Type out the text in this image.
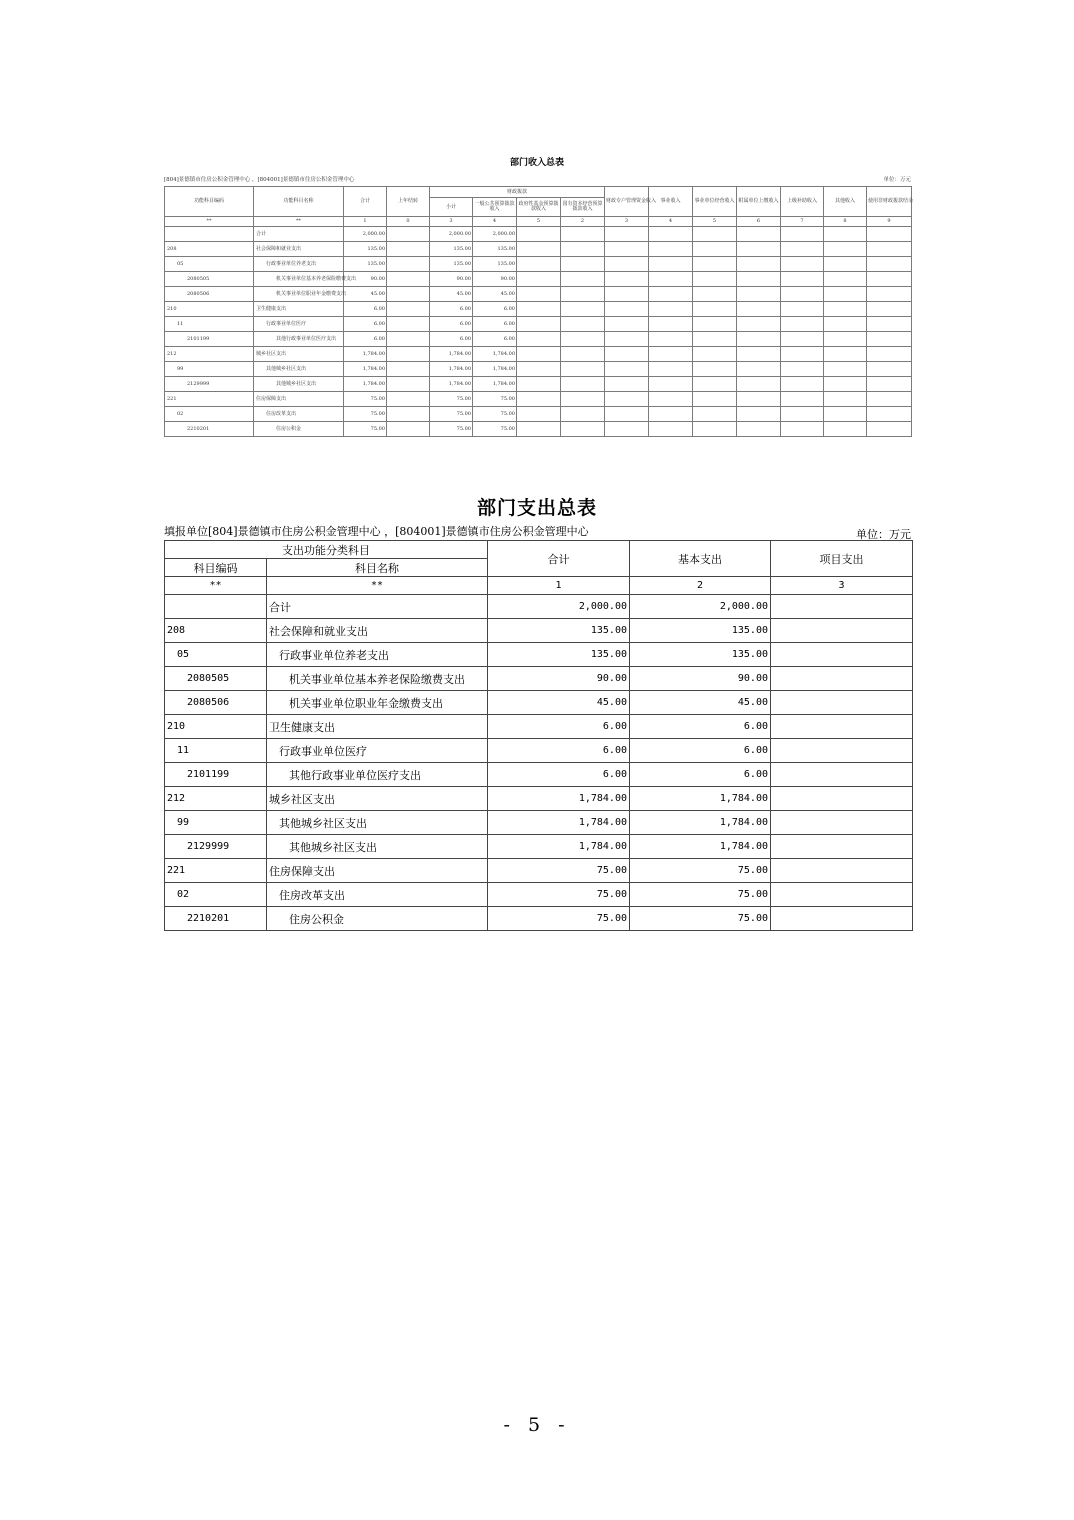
部门收入总表
[804]景德镇市住房公积金管理中心 ，[804001]景德镇市住房公积金管理中心	单位：万元
功能科目编码	功能科目名称	合计	上年结转	财政拨款				财政专户管理资金收入	事业收入	事业单位经营收入	附属单位上缴收入	上级补助收入	其他收入	使用非财政拨款结余
				小计	一般公共预算拨款收入	政府性基金预算拨款收入	国有资本经营预算拨款收入							
**	**	1	0	3	4	5	2	3	4	5	6	7	8	9
	合计	2,000.00		2,000.00	2,000.00									
208	社会保障和就业支出	135.00		135.00	135.00									
05	行政事业单位养老支出	135.00		135.00	135.00									
2080505	机关事业单位基本养老保险缴费支出	90.00		90.00	90.00									
2080506	机关事业单位职业年金缴费支出	45.00		45.00	45.00									
210	卫生健康支出	6.00		6.00	6.00									
11	行政事业单位医疗	6.00		6.00	6.00									
2101199	其他行政事业单位医疗支出	6.00		6.00	6.00									
212	城乡社区支出	1,784.00		1,784.00	1,784.00									
99	其他城乡社区支出	1,784.00		1,784.00	1,784.00									
2129999	其他城乡社区支出	1,784.00		1,784.00	1,784.00									
221	住房保障支出	75.00		75.00	75.00									
02	住房改革支出	75.00		75.00	75.00									
2210201	住房公积金	75.00		75.00	75.00									
部门支出总表
填报单位[804]景德镇市住房公积金管理中心 ，[804001]景德镇市住房公积金管理中心	单位：万元
支出功能分类科目		合计	基本支出	项目支出
科目编码	科目名称			
**	**	1	2	3
	合计	2,000.00	2,000.00	
208	社会保障和就业支出	135.00	135.00	
05	行政事业单位养老支出	135.00	135.00	
2080505	机关事业单位基本养老保险缴费支出	90.00	90.00	
2080506	机关事业单位职业年金缴费支出	45.00	45.00	
210	卫生健康支出	6.00	6.00	
11	行政事业单位医疗	6.00	6.00	
2101199	其他行政事业单位医疗支出	6.00	6.00	
212	城乡社区支出	1,784.00	1,784.00	
99	其他城乡社区支出	1,784.00	1,784.00	
2129999	其他城乡社区支出	1,784.00	1,784.00	
221	住房保障支出	75.00	75.00	
02	住房改革支出	75.00	75.00	
2210201	住房公积金	75.00	75.00	
- 5 -
